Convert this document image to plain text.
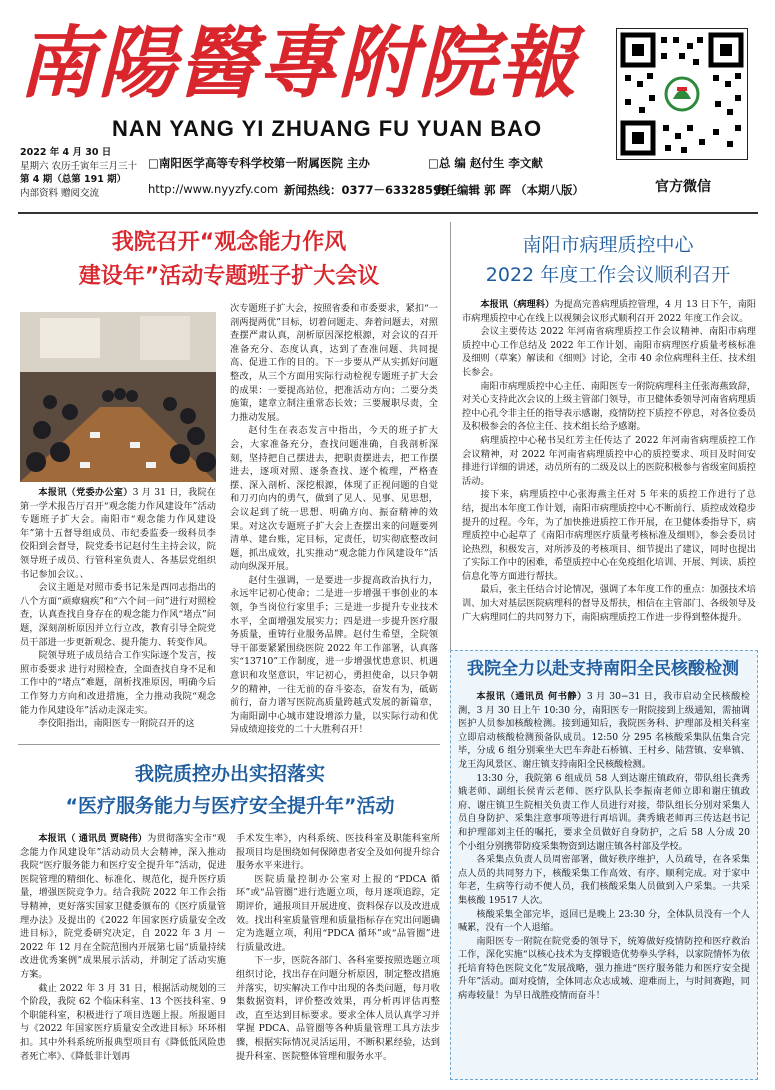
南陽醫專附院報
NAN YANG YI ZHUANG FU YUAN BAO
官方微信
2022 年 4 月 30 日
星期六 农历壬寅年三月三十
第 4 期（总第 191 期）
内部资料 赠阅交流
□南阳医学高等专科学校第一附属医院 主办	□总 编 赵付生 李文献
http://www.nyyzfy.com 新闻热线：0377－63328599
责任编辑 郭 晖 （本期八版）
我院召开“观念能力作风
建设年”活动专题班子扩大会议

本报讯（党委办公室）3 月 31 日，我院在第一学术报告厅召开“观念能力作风建设年”活动专题班子扩大会。南阳市“观念能力作风建设年”第十五督导组成员、市纪委监委一级科员李佼阳到会督导，院党委书记赵付生主持会议，院领导班子成员、行管科室负责人、各基层党组织书记参加会议。、

会议主题是对照市委书记朱是西同志指出的八个方面“顽瘴痼疾”和“六个问一问”进行对照检查，认真查找自身存在的观念能力作风“堵点”问题，深刻剖析原因并立行立改，教育引导全院党员干部进一步更新观念、提升能力、转变作风。

院领导班子成员结合工作实际逐个发言，按照市委要求 进行对照检查，全面查找自身不足和工作中的“堵点”难题，剖析找准原因，明确今后工作努力方向和改进措施，全力推动我院“观念能力作风建设年”活动走深走实。

李佼阳指出，南阳医专一附院召开的这

次专题班子扩大会，按照省委和市委要求，紧扣“一剖两提两优”目标，切着问题走、奔着问题去，对照查摆严肃认真，剖析原因深挖根源，对会议的召开准备充分、态度认真，达到了查准问题、共同提高、促进工作的目的。下一步要从严从实抓好问题整改，从三个方面用实际行动检视专题班子扩大会的成果：一要提高站位，把准活动方向；二要分类施策，建章立制注重常态长效；三要履职尽责，全力推动发展。

赵付生在表态发言中指出，今天的班子扩大会，大家准备充分，查找问题准确，自我剖析深刻，坚持把自己摆进去，把职责摆进去，把工作摆进去，逐项对照、逐条查找、逐个梳理，严格查摆、深入剖析、深挖根源，体现了正视问题的自觉和刀刃向内的勇气，做到了见人、见事、见思想，会议起到了统一思想、明确方向、振奋精神的效果。对这次专题班子扩大会上查摆出来的问题要列清单、建台账，定目标，定责任，切实彻底整改问题，抓出成效，扎实推动“观念能力作风建设年”活动向纵深开展。

赵付生强调，一是要进一步提高政治执行力，永远牢记初心使命；二是进一步增强干事创业的本领，争当岗位行家里手；三是进一步提升专业技术水平，全面增强发展实力；四是进一步提升医疗服务质量，重铸行业服务品牌。赵付生希望，全院领导干部要紧紧围绕医院 2022 年工作部署，认真落实“13710”工作制度，进一步增强忧患意识、机遇意识和攻坚意识，牢记初心，勇担使命，以只争朝夕的精神，一往无前的奋斗姿态，奋发有为，砥砺前行，奋力谱写医院高质量跨越式发展的新篇章，为南阳副中心城市建设增添力量，以实际行动和优异成绩迎接党的二十大胜利召开！

南阳市病理质控中心
2022 年度工作会议顺利召开

本报讯（病理科）为提高完善病理质控管理，4 月 13 日下午，南阳市病理质控中心在线上以视频会议形式顺利召开 2022 年度工作会议。

会议主要传达 2022 年河南省病理质控工作会议精神、南阳市病理质控中心工作总结及 2022 年工作计划、南阳市病理医疗质量考核标准及细则（草案）解读和《细则》讨论，全市 40 余位病理科主任、技术组长参会。

南阳市病理质控中心主任、南阳医专一附院病理科主任张海燕致辞，对关心支持此次会议的上级主管部门领导，市卫健体委领导河南省病理质控中心孔令非主任的指导表示感谢，疫情防控下质控不停息，对各位委员及积极参会的各位主任、技术组长给予感谢。

病理质控中心秘书吴红芳主任传达了 2022 年河南省病理质控工作会议精神，对 2022 年河南省病理质控中心的质控要求、项目及时间安排进行详细的讲述，动员所有的二级及以上的医院积极参与省级室间质控活动。

接下来，病理质控中心张海燕主任对 5 年来的质控工作进行了总结，提出本年度工作计划，南阳市病理质控中心不断前行、质控成效稳步提升的过程。今年，为了加快推进质控工作开展，在卫健体委指导下，病理质控中心起草了《南阳市病理医疗质量考核标准及细则》，参会委员讨论热烈，积极发言，对所涉及的考核项目、细节提出了建议，同时也提出了实际工作中的困难，希望质控中心在免疫组化培训、开展、判读、质控信息化等方面进行帮扶。

最后，张主任结合讨论情况，强调了本年度工作的重点：加强技术培训、加大对基层医院病理科的督导及帮扶，相信在主管部门、各级领导及广大病理同仁的共同努力下，南阳病理质控工作进一步得到整体提升。

我院全力以赴支持南阳全民核酸检测

本报讯（通讯员 何书静）3 月 30−31 日，我市启动全民核酸检测，3 月 30 日上午 10:30 分，南阳医专一附院接到上级通知，需抽调医护人员参加核酸检测。接到通知后，我院医务科、护理部及相关科室立即启动核酸检测预备队成员。12:50 分 295 名核酸采集队伍集合完毕，分成 6 组分别乘坐大巴车奔赴石桥镇、王村乡、陆营镇、安皋镇、龙王沟风景区、谢庄镇支持南阳全民核酸检测。

13:30 分，我院第 6 组成员 58 人到达谢庄镇政府，带队组长龚秀娥老师、副组长侯青云老师、医疗队队长李振南老师立即和谢庄镇政府、谢庄镇卫生院相关负责工作人员进行对接，带队组长分别对采集人员自身防护、采集注意事项等进行再培训。龚秀娥老师再三传达赵书记和护理部刘主任的嘱托，要求全员做好自身防护，之后 58 人分成 20 个小组分别携带防疫采集物资到达谢庄镇各村部及学校。

各采集点负责人员周密部署，做好秩序维护，人员疏导，在各采集点人员的共同努力下，核酸采集工作高效、有序、顺利完成。对于家中年老，生病等行动不便人员，我们核酸采集人员做到入户采集。一共采集核酸 19517 人次。

核酸采集全部完毕，返回已是晚上 23:30 分，全体队员没有一个人喊累，没有一个人退缩。

南阳医专一附院在院党委的领导下，统筹做好疫情防控和医疗救治工作，深化实施“以核心技术为支撑锻造优势拳头学科，以家院情怀为依托培育特色医院文化”发展战略，强力推进“医疗服务能力和医疗安全提升年”活动。面对疫情，全体同志众志成城、迎难而上，与时间赛跑，同病毒较量！为早日战胜疫情而奋斗！

我院质控办出实招落实
“医疗服务能力与医疗安全提升年”活动

本报讯（ 通讯员 贾晓伟）为贯彻落实全市“观念能力作风建设年”活动动员大会精神，深入推动我院“医疗服务能力和医疗安全提升年”活动，促进医院管理的精细化、标准化、规范化，提升医疗质量，增强医院竞争力。结合我院 2022 年工作会指导精神，更好落实国家卫健委颁布的《医疗质量管理办法》及提出的《2022 年国家医疗质量安全改进目标》，院党委研究决定，自 2022 年 3 月 － 2022 年 12 月在全院范围内开展第七届“质量持续改进优秀案例”成果展示活动，并制定了活动实施方案。

截止 2022 年 3 月 31 日，根据活动规划的三个阶段，我院 62 个临床科室、13 个医技科室、9 个职能科室，积极进行了项目选题上报。所报题目与《2022 年国家医疗质量安全改进目标》环环相扣。其中外科系统所报典型项目有《降低低风险患者死亡率》、《降低非计划再

手术发生率》，内科系统、医技科室及职能科室所报项目均是围绕如何保障患者安全及如何提升综合服务水平来进行。

医院质量控制办公室对上报的“PDCA 循环”或“品管圈”进行选题立项，每月逐项追踪，定期评价，通报项目开展进度、资料保存以及改进成效。找出科室质量管理和质量指标存在究出问题确定为选题立项，利用“PDCA 循环”或“品管圈”进行质量改进。

下一步，医院各部门、各科室要按照选题立项组织讨论，找出存在问题分析原因，制定整改措施并落实，切实解决工作中出现的各类问题，每月收集数据资料，评价整改效果，再分析再评估再整改，直至达到目标要求。要求全体人员认真学习并掌握 PDCA、品管圈等各种质量管理工具方法步骤，根据实际情况灵活运用，不断积累经验，达到提升科室、医院整体管理和服务水平。
